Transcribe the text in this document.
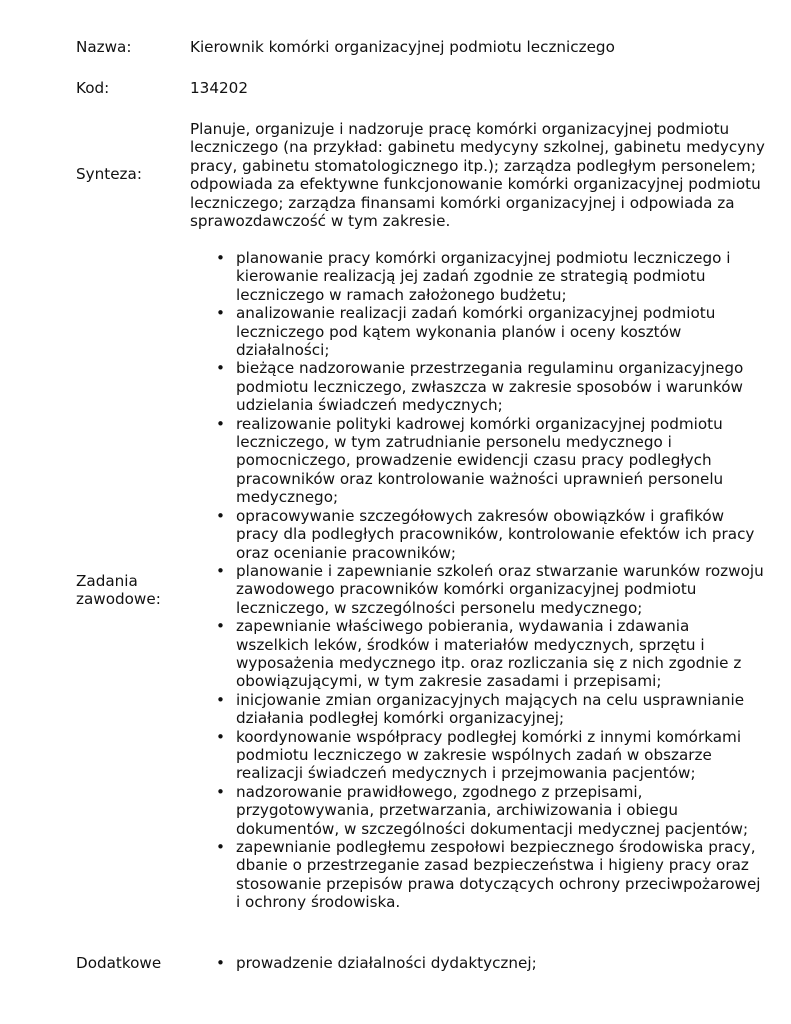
Nazwa:	Kierownik komórki organizacyjnej podmiotu leczniczego
Kod:	134202
Synteza:
Planuje, organizuje i nadzoruje pracę komórki organizacyjnej podmiotu leczniczego (na przykład: gabinetu medycyny szkolnej, gabinetu medycyny pracy, gabinetu stomatologicznego itp.); zarządza podległym personelem; odpowiada za efektywne funkcjonowanie komórki organizacyjnej podmiotu leczniczego; zarządza finansami komórki organizacyjnej i odpowiada za sprawozdawczość w tym zakresie.
Zadania zawodowe:
• planowanie pracy komórki organizacyjnej podmiotu leczniczego i kierowanie realizacją jej zadań zgodnie ze strategią podmiotu leczniczego w ramach założonego budżetu;
• analizowanie realizacji zadań komórki organizacyjnej podmiotu leczniczego pod kątem wykonania planów i oceny kosztów działalności;
• bieżące nadzorowanie przestrzegania regulaminu organizacyjnego podmiotu leczniczego, zwłaszcza w zakresie sposobów i warunków udzielania świadczeń medycznych;
• realizowanie polityki kadrowej komórki organizacyjnej podmiotu leczniczego, w tym zatrudnianie personelu medycznego i pomocniczego, prowadzenie ewidencji czasu pracy podległych pracowników oraz kontrolowanie ważności uprawnień personelu medycznego;
• opracowywanie szczegółowych zakresów obowiązków i grafików pracy dla podległych pracowników, kontrolowanie efektów ich pracy oraz ocenianie pracowników;
• planowanie i zapewnianie szkoleń oraz stwarzanie warunków rozwoju zawodowego pracowników komórki organizacyjnej podmiotu leczniczego, w szczególności personelu medycznego;
• zapewnianie właściwego pobierania, wydawania i zdawania wszelkich leków, środków i materiałów medycznych, sprzętu i wyposażenia medycznego itp. oraz rozliczania się z nich zgodnie z obowiązującymi, w tym zakresie zasadami i przepisami;
• inicjowanie zmian organizacyjnych mających na celu usprawnianie działania podległej komórki organizacyjnej;
• koordynowanie współpracy podległej komórki z innymi komórkami podmiotu leczniczego w zakresie wspólnych zadań w obszarze realizacji świadczeń medycznych i przejmowania pacjentów;
• nadzorowanie prawidłowego, zgodnego z przepisami, przygotowywania, przetwarzania, archiwizowania i obiegu dokumentów, w szczególności dokumentacji medycznej pacjentów;
• zapewnianie podległemu zespołowi bezpiecznego środowiska pracy, dbanie o przestrzeganie zasad bezpieczeństwa i higieny pracy oraz stosowanie przepisów prawa dotyczących ochrony przeciwpożarowej i ochrony środowiska.
Dodatkowe	• prowadzenie działalności dydaktycznej;
